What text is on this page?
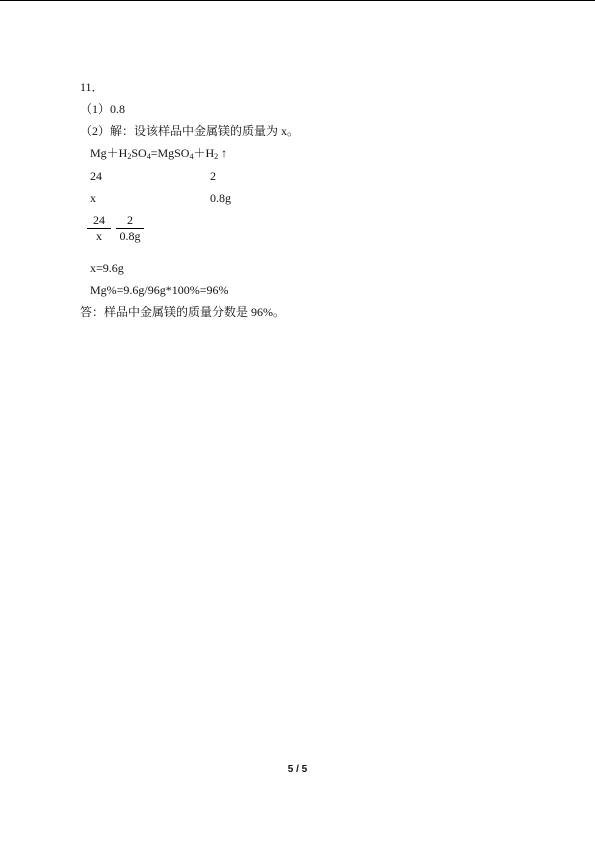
11．
（1）0.8
（2）解：设该样品中金属镁的质量为 x。
$Mg+H_2SO_4=MgSO_4+H_2$ ↑
24	2
x	0.8g
24
x
2
0.8g
x=9.6g
Mg%=9.6g/96g*100%=96%
答：样品中金属镁的质量分数是 96%。
5 / 5
